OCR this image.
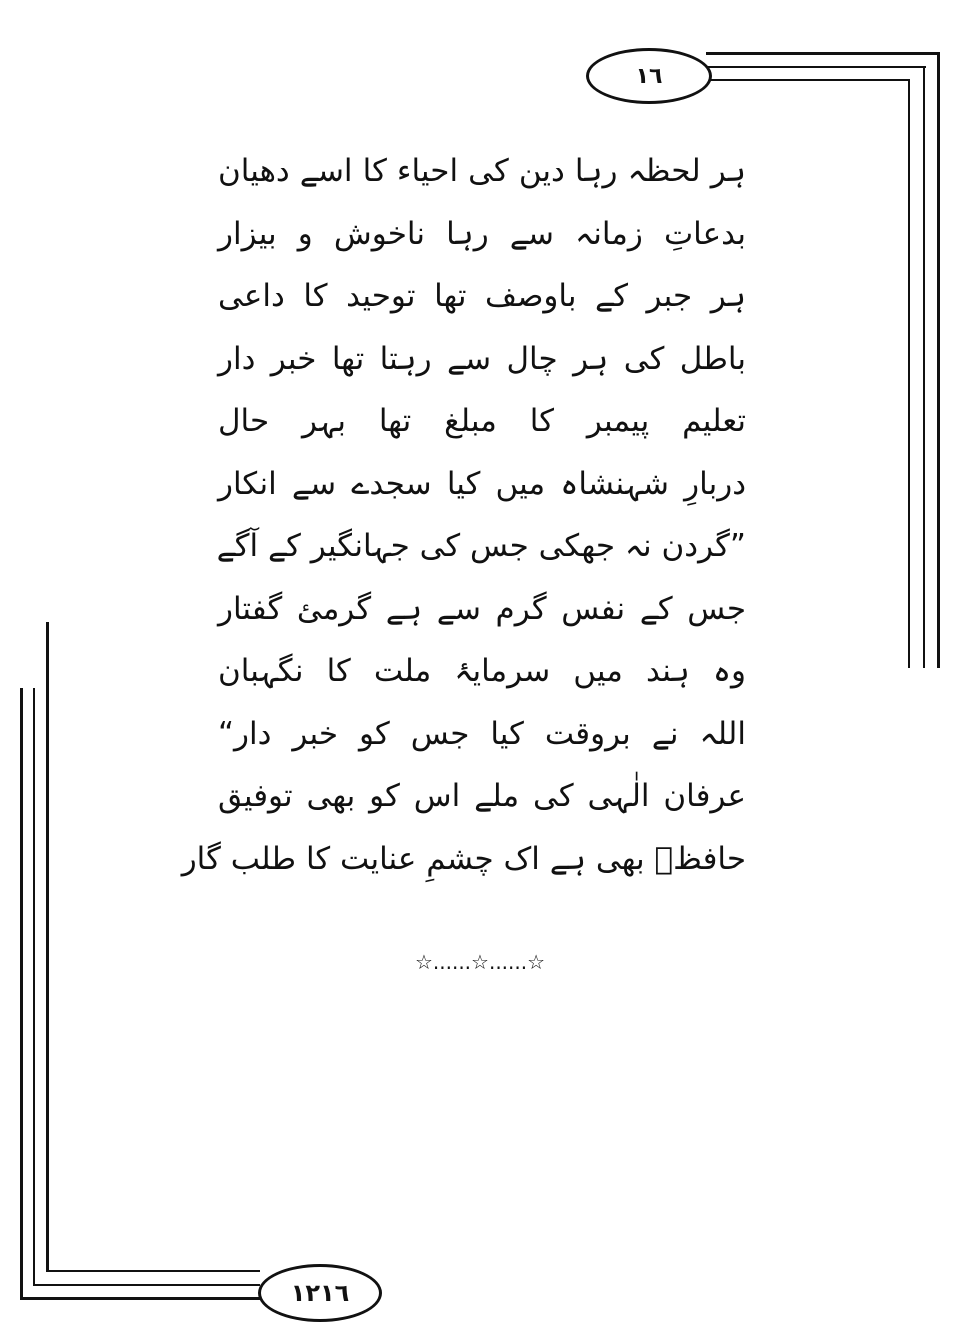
١٦
ہر لحظہ رہا دین کی احیاء کا اسے دھیان
بدعاتِ زمانہ سے رہا ناخوش و بیزار
ہر جبر کے باوصف تھا توحید کا داعی
باطل کی ہر چال سے رہتا تھا خبر دار
تعلیم پیمبر کا مبلغ تھا بہر حال
دربارِ شہنشاہ میں کیا سجدے سے انکار
”گردن نہ جھکی جس کی جہانگیر کے آگے
جس کے نفس گرم سے ہے گرمئ گفتار
وہ ہند میں سرمایۂ ملت کا نگہبان
اللہ نے بروقت کیا جس کو خبر دار“
عرفان الٰہی کی ملے اس کو بھی توفیق
حافظؔ بھی ہے اک چشمِ عنایت کا طلب گار
☆......☆......☆
١٢١٦
